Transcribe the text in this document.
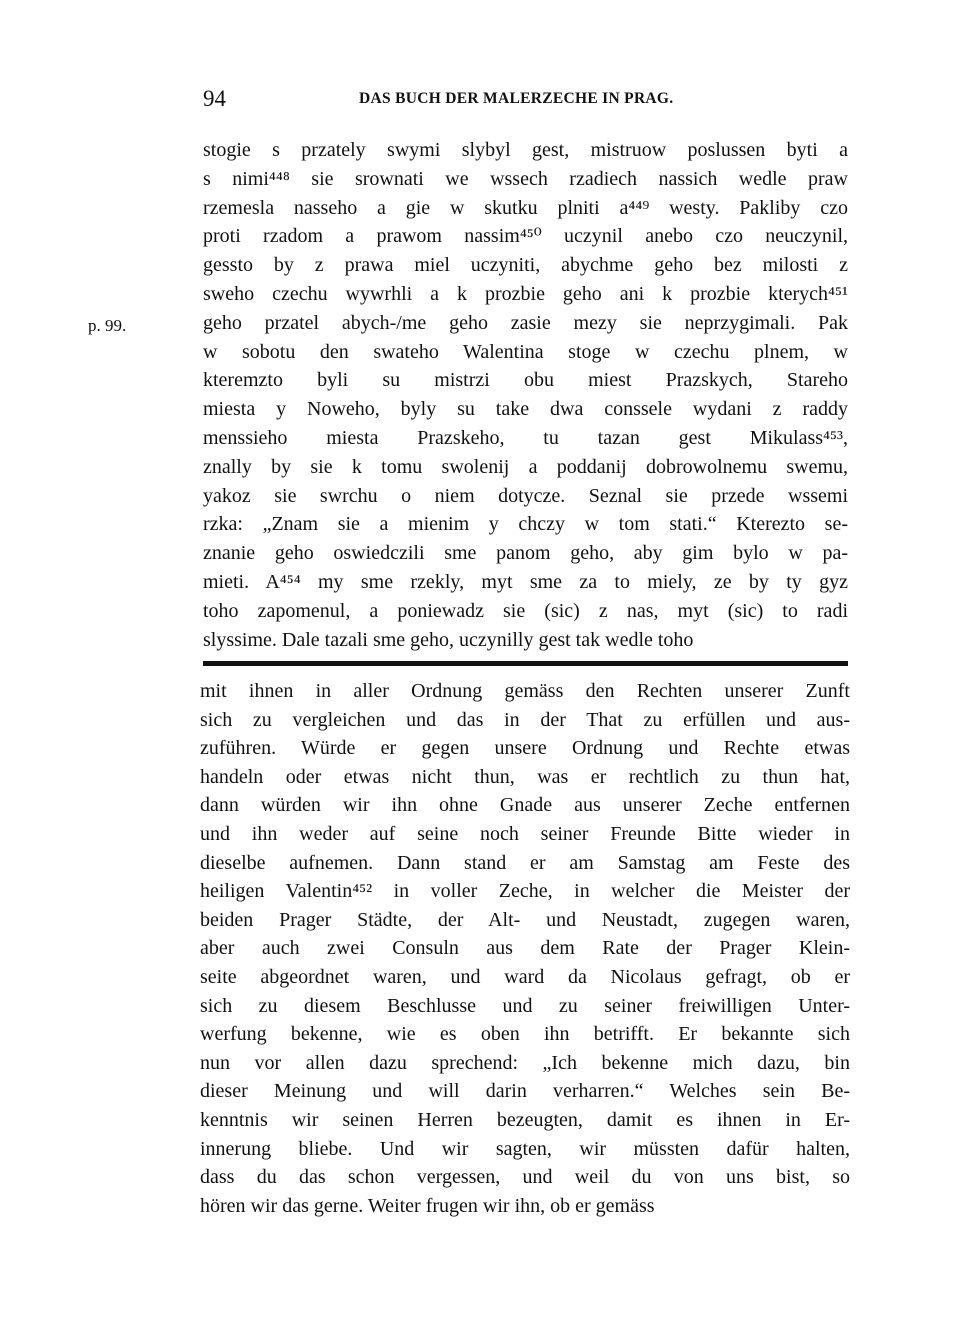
94	DAS BUCH DER MALERZECHE IN PRAG.
p. 99.
stogie s przately swymi slybyl gest, mistruow poslussen byti a
s nimi⁴⁴⁸ sie srownati we wssech rzadiech nassich wedle praw
rzemesla nasseho a gie w skutku plniti a⁴⁴⁹ westy. Pakliby czo
proti rzadom a prawom nassim⁴⁵⁰ uczynil anebo czo neuczynil,
gessto by z prawa miel uczyniti, abychme geho bez milosti z
sweho czechu wywrhli a k prozbie geho ani k prozbie kterych⁴⁵¹
geho przatel abych-/me geho zasie mezy sie neprzygimali. Pak
w sobotu den swateho Walentina stoge w czechu plnem, w
kteremzto byli su mistrzi obu miest Prazskych, Stareho
miesta y Noweho, byly su take dwa conssele wydani z raddy
menssieho miesta Prazskeho, tu tazan gest Mikulass⁴⁵³,
znally by sie k tomu swolenij a poddanij dobrowolnemu swemu,
yakoz sie swrchu o niem dotycze. Seznal sie przede wssemi
rzka: „Znam sie a mienim y chczy w tom stati.“ Kterezto se-
znanie geho oswiedczili sme panom geho, aby gim bylo w pa-
mieti. A⁴⁵⁴ my sme rzekly, myt sme za to miely, ze by ty gyz
toho zapomenul, a poniewadz sie (sic) z nas, myt (sic) to radi
slyssime. Dale tazali sme geho, uczynilly gest tak wedle toho
mit ihnen in aller Ordnung gemäss den Rechten unserer Zunft
sich zu vergleichen und das in der That zu erfüllen und aus-
zuführen. Würde er gegen unsere Ordnung und Rechte etwas
handeln oder etwas nicht thun, was er rechtlich zu thun hat,
dann würden wir ihn ohne Gnade aus unserer Zeche entfernen
und ihn weder auf seine noch seiner Freunde Bitte wieder in
dieselbe aufnemen. Dann stand er am Samstag am Feste des
heiligen Valentin⁴⁵² in voller Zeche, in welcher die Meister der
beiden Prager Städte, der Alt- und Neustadt, zugegen waren,
aber auch zwei Consuln aus dem Rate der Prager Klein-
seite abgeordnet waren, und ward da Nicolaus gefragt, ob er
sich zu diesem Beschlusse und zu seiner freiwilligen Unter-
werfung bekenne, wie es oben ihn betrifft. Er bekannte sich
nun vor allen dazu sprechend: „Ich bekenne mich dazu, bin
dieser Meinung und will darin verharren.“ Welches sein Be-
kenntnis wir seinen Herren bezeugten, damit es ihnen in Er-
innerung bliebe. Und wir sagten, wir müssten dafür halten,
dass du das schon vergessen, und weil du von uns bist, so
hören wir das gerne. Weiter frugen wir ihn, ob er gemäss
